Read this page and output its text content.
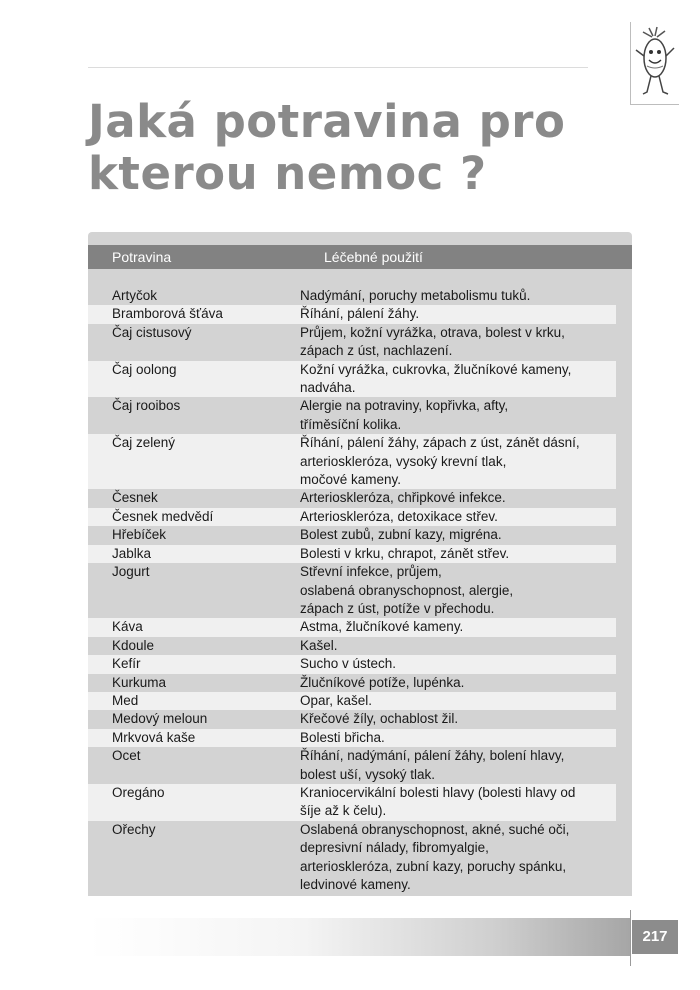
Jaká potravina pro
kterou nemoc ?
Potravina	Léčebné použití
Artyčok	Nadýmání, poruchy metabolismu tuků.
Bramborová šťáva	Říhání, pálení žáhy.
Čaj cistusový	Průjem, kožní vyrážka, otrava, bolest v krku,
zápach z úst, nachlazení.
Čaj oolong	Kožní vyrážka, cukrovka, žlučníkové kameny,
nadváha.
Čaj rooibos	Alergie na potraviny, kopřivka, afty,
tříměsíční kolika.
Čaj zelený	Říhání, pálení žáhy, zápach z úst, zánět dásní,
arterioskleróza, vysoký krevní tlak,
močové kameny.
Česnek	Arterioskleróza, chřipkové infekce.
Česnek medvědí	Arterioskleróza, detoxikace střev.
Hřebíček	Bolest zubů, zubní kazy, migréna.
Jablka	Bolesti v krku, chrapot, zánět střev.
Jogurt	Střevní infekce, průjem,
oslabená obranyschopnost, alergie,
zápach z úst, potíže v přechodu.
Káva	Astma, žlučníkové kameny.
Kdoule	Kašel.
Kefír	Sucho v ústech.
Kurkuma	Žlučníkové potíže, lupénka.
Med	Opar, kašel.
Medový meloun	Křečové žíly, ochablost žil.
Mrkvová kaše	Bolesti břicha.
Ocet	Říhání, nadýmání, pálení žáhy, bolení hlavy,
bolest uší, vysoký tlak.
Oregáno	Kraniocervikální bolesti hlavy (bolesti hlavy od
šíje až k čelu).
Ořechy	Oslabená obranyschopnost, akné, suché oči,
depresivní nálady, fibromyalgie,
arterioskleróza, zubní kazy, poruchy spánku,
ledvinové kameny.
217
